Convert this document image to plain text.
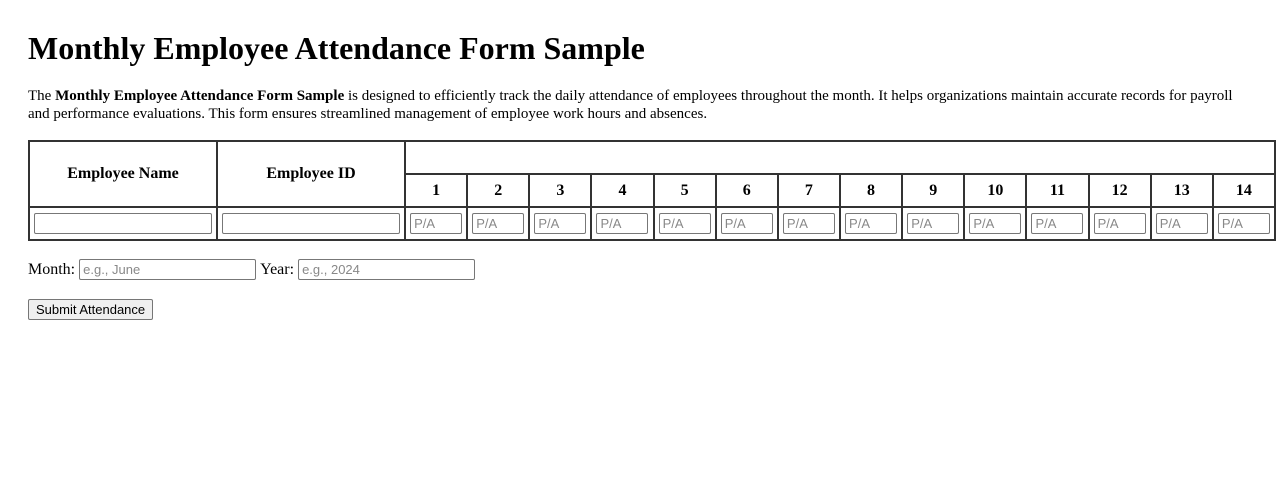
Monthly Employee Attendance Form Sample

The Monthly Employee Attendance Form Sample is designed to efficiently track the daily attendance of employees throughout the month. It helps organizations maintain accurate records for payroll and performance evaluations. This form ensures streamlined management of employee work hours and absences.

Employee Name	Employee ID														
		1	2	3	4	5	6	7	8	9	10	11	12	13	14
		P/A	P/A	P/A	P/A	P/A	P/A	P/A	P/A	P/A	P/A	P/A	P/A	P/A	P/A
Month:
e.g., June	Year:
e.g., 2024
Submit Attendance
